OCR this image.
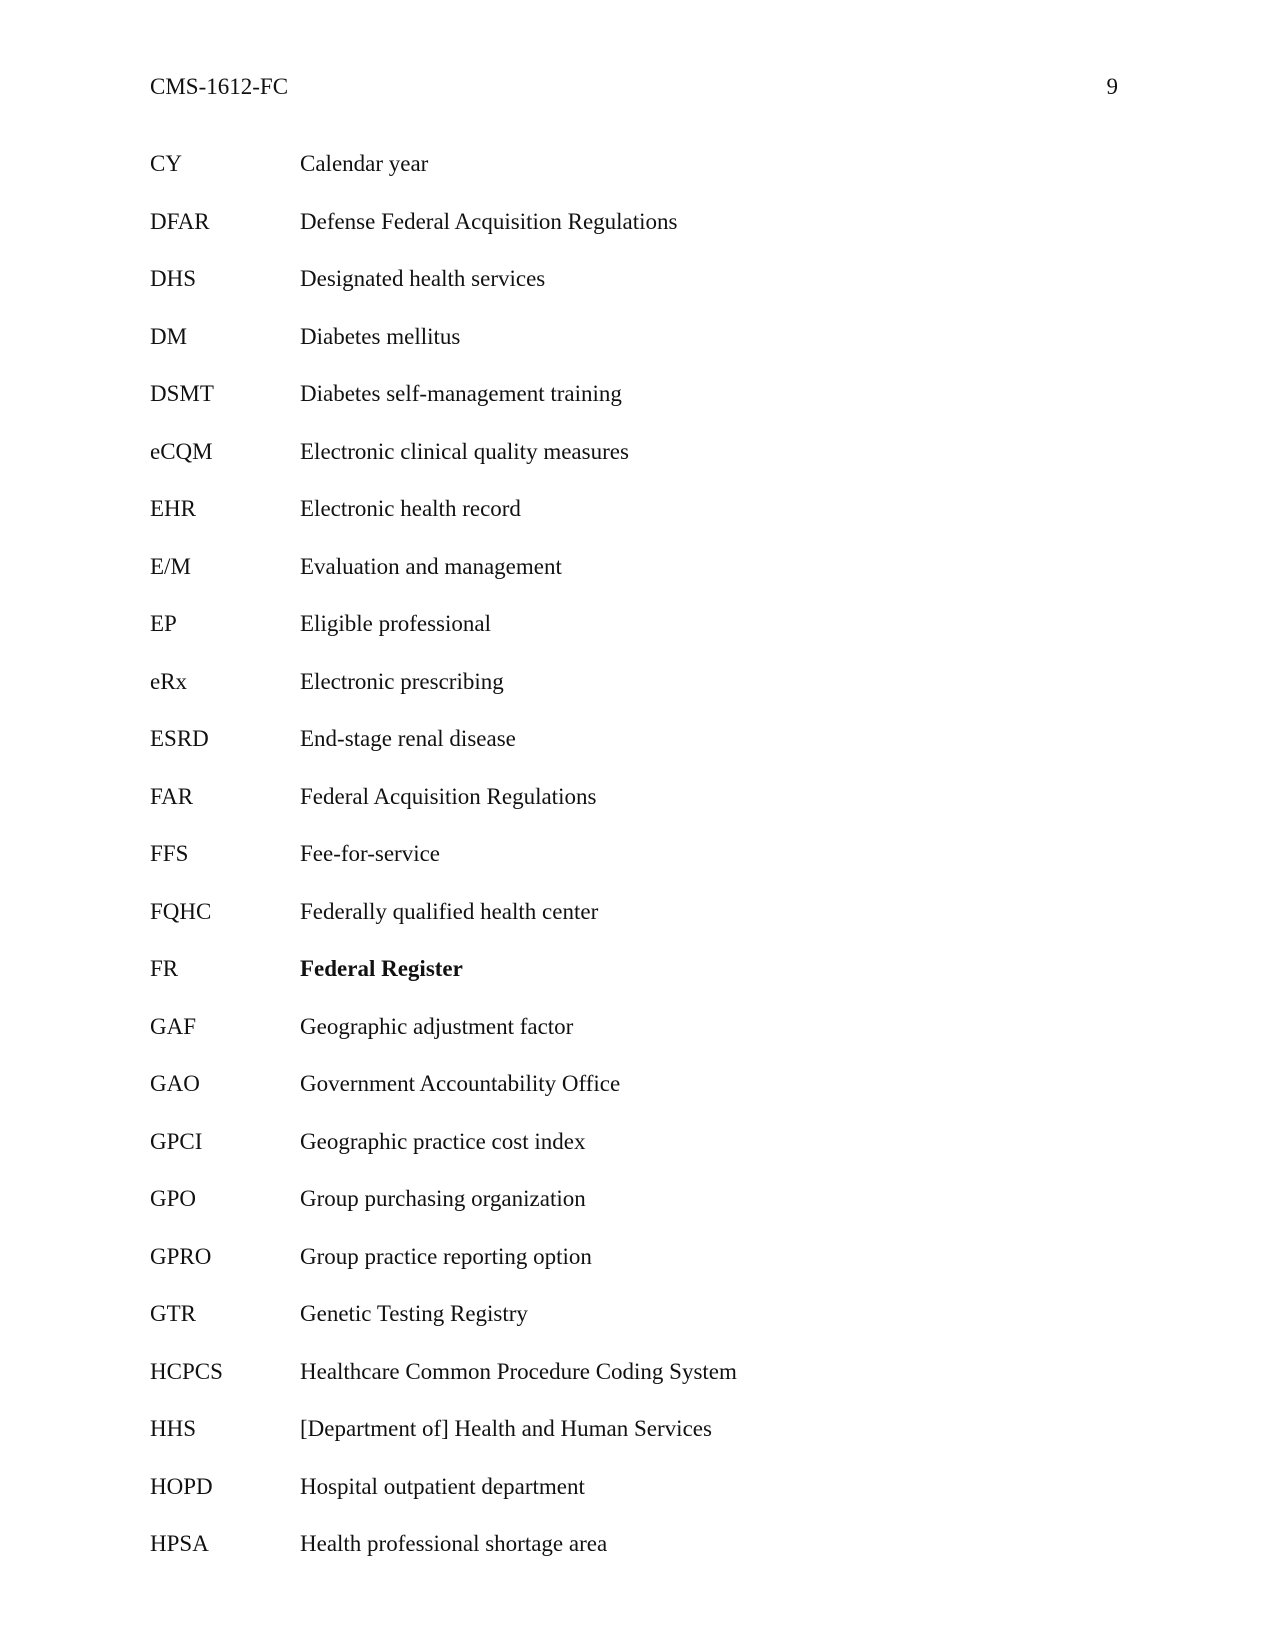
CMS-1612-FC	9
CY	Calendar year
DFAR	Defense Federal Acquisition Regulations
DHS	Designated health services
DM	Diabetes mellitus
DSMT	Diabetes self-management training
eCQM	Electronic clinical quality measures
EHR	Electronic health record
E/M	Evaluation and management
EP	Eligible professional
eRx	Electronic prescribing
ESRD	End-stage renal disease
FAR	Federal Acquisition Regulations
FFS	Fee-for-service
FQHC	Federally qualified health center
FR	Federal Register
GAF	Geographic adjustment factor
GAO	Government Accountability Office
GPCI	Geographic practice cost index
GPO	Group purchasing organization
GPRO	Group practice reporting option
GTR	Genetic Testing Registry
HCPCS	Healthcare Common Procedure Coding System
HHS	[Department of] Health and Human Services
HOPD	Hospital outpatient department
HPSA	Health professional shortage area
